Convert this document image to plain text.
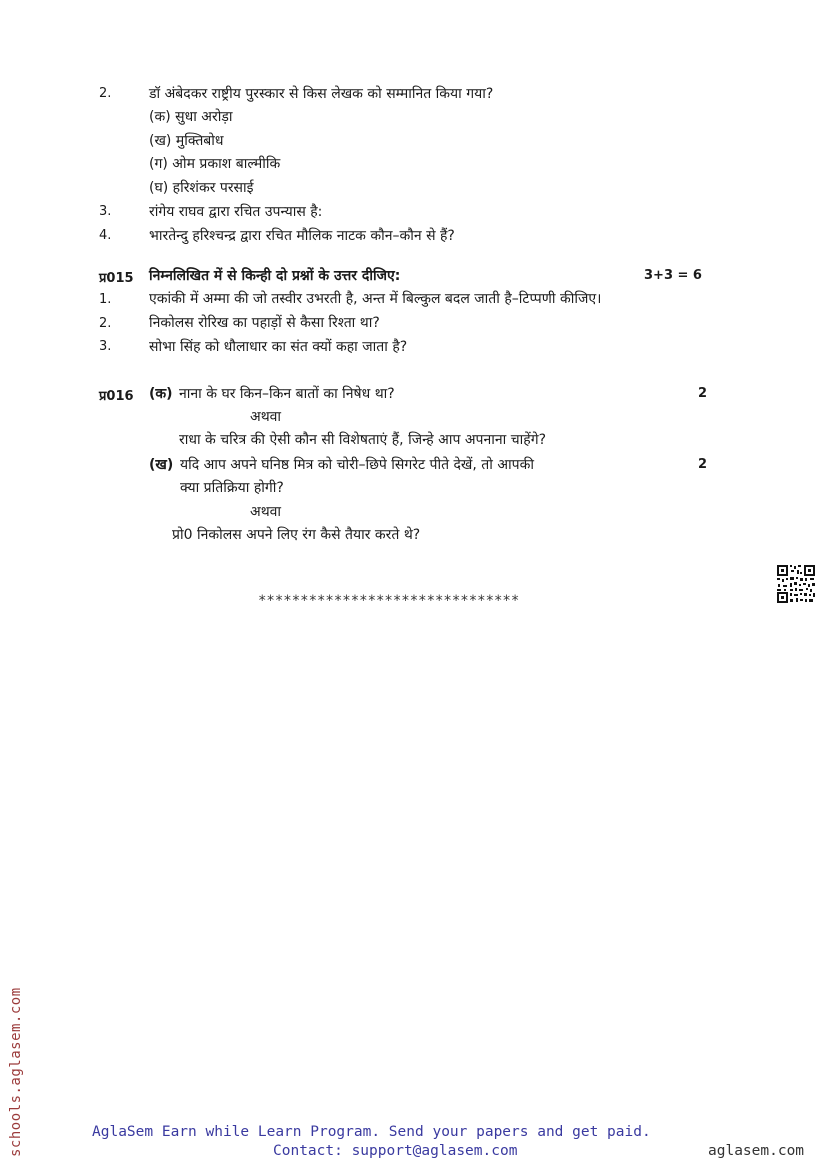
2.	डॉ अंबेदकर राष्ट्रीय पुरस्कार से किस लेखक को सम्मानित किया गया?
(क) सुधा अरोड़ा
(ख) मुक्तिबोध
(ग) ओम प्रकाश बाल्मीकि
(घ) हरिशंकर परसाई
3.	रांगेय राघव द्वारा रचित उपन्यास है:
4.	भारतेन्दु हरिश्चन्द्र द्वारा रचित मौलिक नाटक कौन–कौन से हैं?
प्र015 निम्नलिखित में से किन्ही दो प्रश्नों के उत्तर दीजिए:	3+3 = 6
1.	एकांकी में अम्मा की जो तस्वीर उभरती है, अन्त में बिल्कुल बदल जाती है–टिप्पणी कीजिए।
2.	निकोलस रोरिख का पहाड़ों से कैसा रिश्ता था?
3.	सोभा सिंह को धौलाधार का संत क्यों कहा जाता है?
प्र016 (क) नाना के घर किन–किन बातों का निषेध था?	2
अथवा
राधा के चरित्र की ऐसी कौन सी विशेषताएं हैं, जिन्हे आप अपनाना चाहेंगे?
(ख) यदि आप अपने घनिष्ठ मित्र को चोरी–छिपे सिगरेट पीते देखें, तो आपकी	2
क्या प्रतिक्रिया होगी?
अथवा
प्रो0 निकोलस अपने लिए रंग कैसे तैयार करते थे?
*******************************
schools.aglasem.com	AglaSem Earn while Learn Program. Send your papers and get paid.
Contact: support@aglasem.com	aglasem.com
